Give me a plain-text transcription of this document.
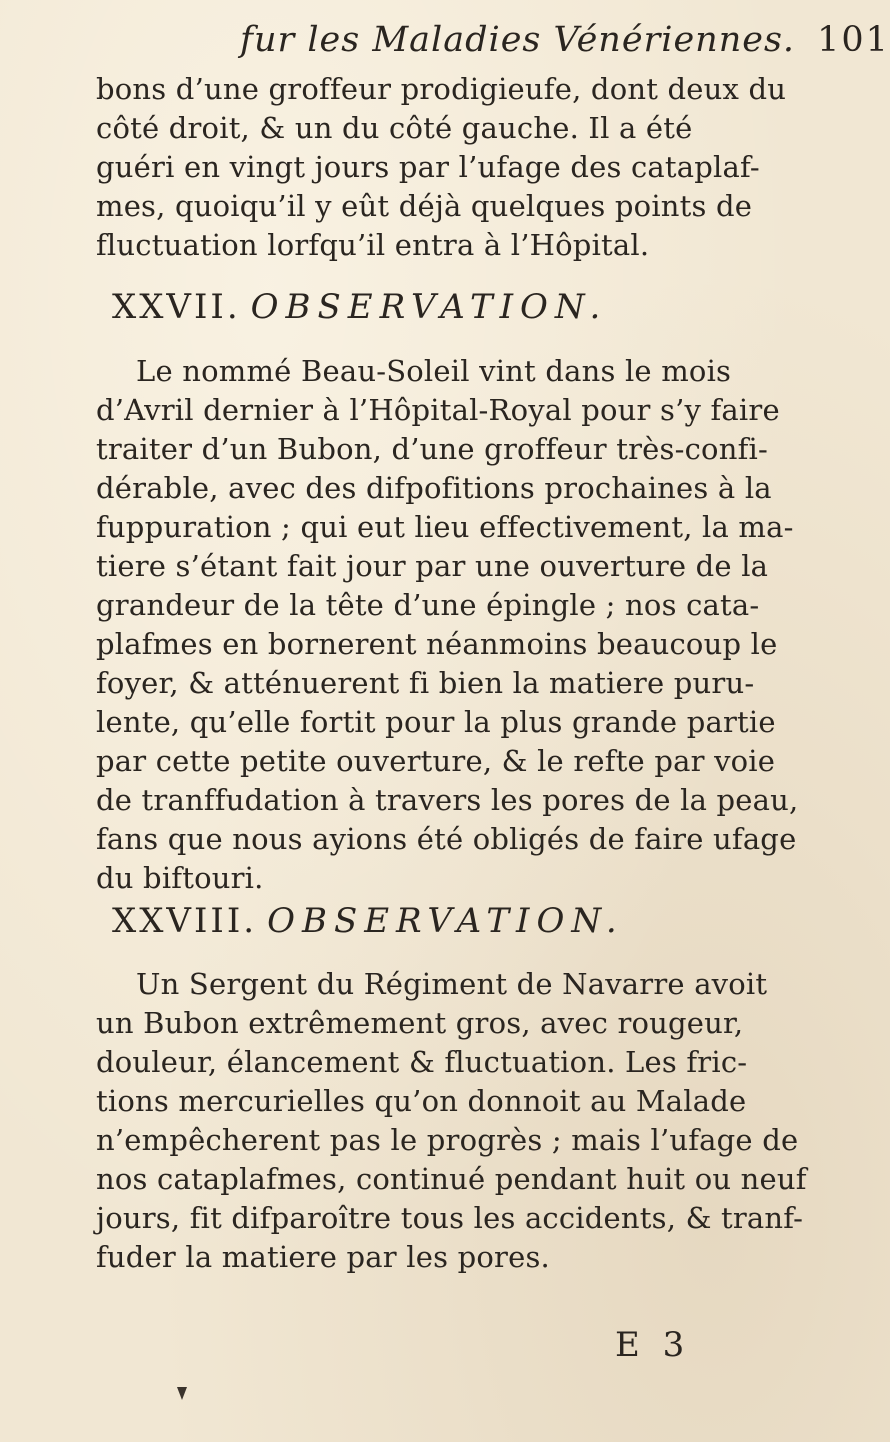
fur les Maladies Vénériennes. 101
bons d’une groffeur prodigieufe, dont deux du
côté droit, & un du côté gauche. Il a été
guéri en vingt jours par l’ufage des cataplaf-
mes, quoiqu’il y eût déjà quelques points de
fluctuation lorfqu’il entra à l’Hôpital.
XXVII. OBSERVATION.
Le nommé Beau-Soleil vint dans le mois
d’Avril dernier à l’Hôpital-Royal pour s’y faire
traiter d’un Bubon, d’une groffeur très-confi-
dérable, avec des difpofitions prochaines à la
fuppuration ; qui eut lieu effectivement, la ma-
tiere s’étant fait jour par une ouverture de la
grandeur de la tête d’une épingle ; nos cata-
plafmes en bornerent néanmoins beaucoup le
foyer, & atténuerent fi bien la matiere puru-
lente, qu’elle fortit pour la plus grande partie
par cette petite ouverture, & le refte par voie
de tranffudation à travers les pores de la peau,
fans que nous ayions été obligés de faire ufage
du biftouri.
XXVIII. OBSERVATION.
Un Sergent du Régiment de Navarre avoit
un Bubon extrêmement gros, avec rougeur,
douleur, élancement & fluctuation. Les fric-
tions mercurielles qu’on donnoit au Malade
n’empêcherent pas le progrès ; mais l’ufage de
nos cataplafmes, continué pendant huit ou neuf
jours, fit difparoître tous les accidents, & tranf-
fuder la matiere par les pores.
E 3
